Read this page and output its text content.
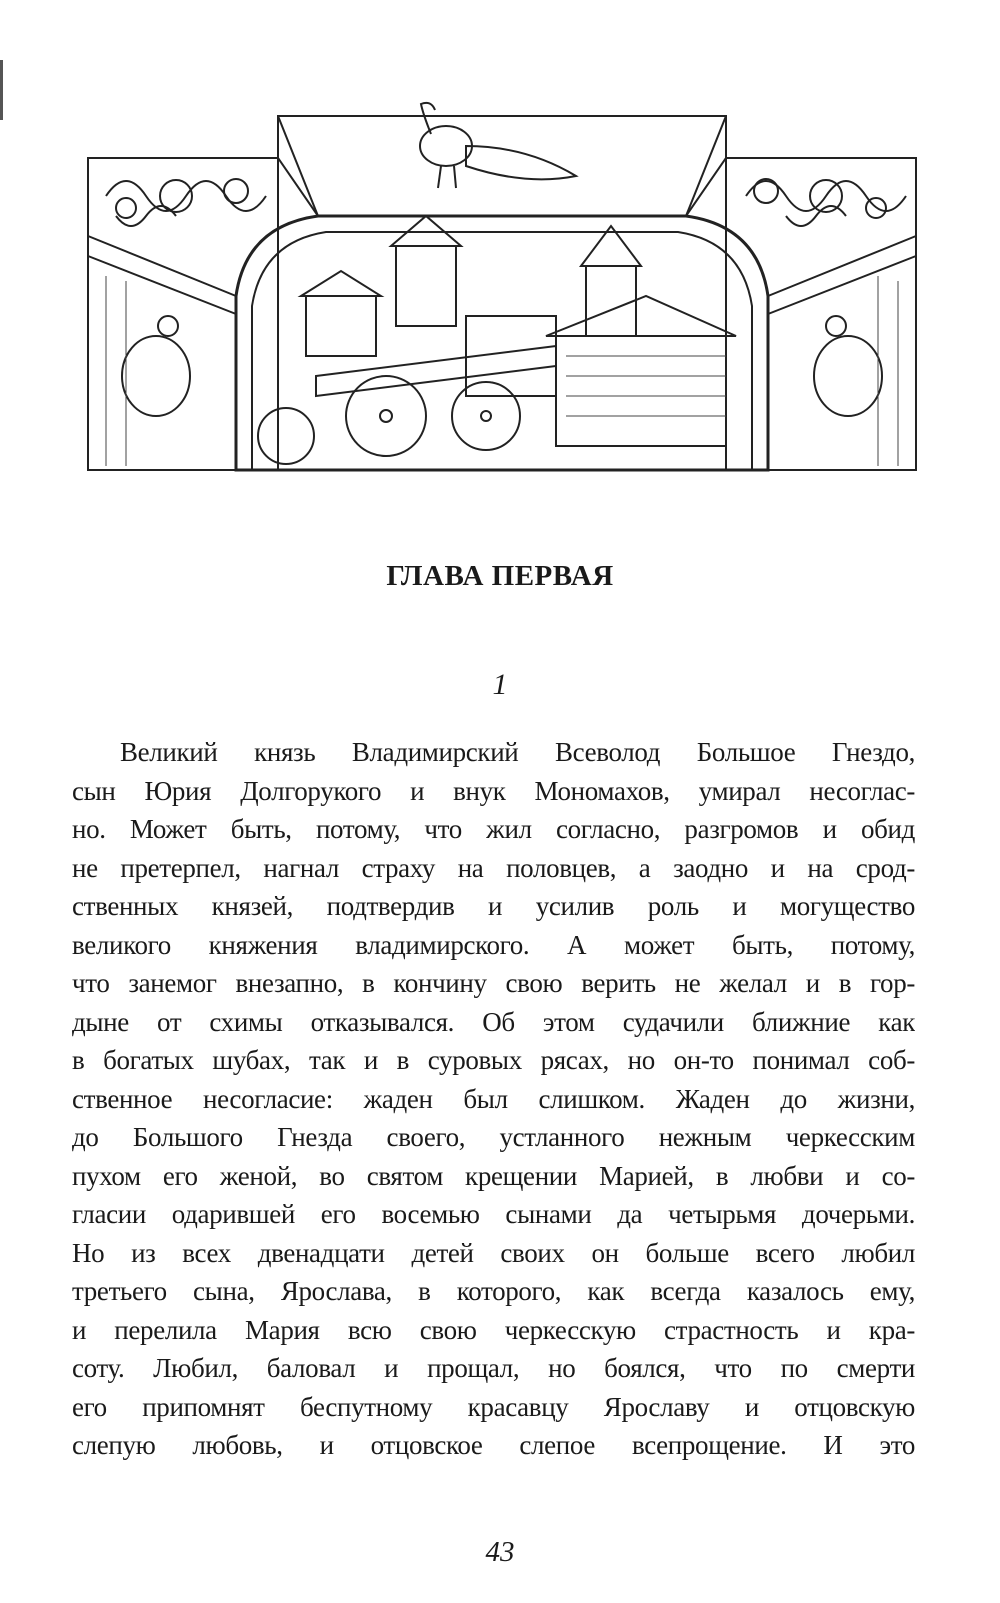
ГЛАВА ПЕРВАЯ
1
Великий князь Владимирский Всеволод Большое Гнездо,
сын Юрия Долгорукого и внук Мономахов, умирал несоглас-
но. Может быть, потому, что жил согласно, разгромов и обид
не претерпел, нагнал страху на половцев, а заодно и на срод-
ственных князей, подтвердив и усилив роль и могущество
великого княжения владимирского. А может быть, потому,
что занемог внезапно, в кончину свою верить не желал и в гор-
дыне от схимы отказывался. Об этом судачили ближние как
в богатых шубах, так и в суровых рясах, но он-то понимал соб-
ственное несогласие: жаден был слишком. Жаден до жизни,
до Большого Гнезда своего, устланного нежным черкесским
пухом его женой, во святом крещении Марией, в любви и со-
гласии одарившей его восемью сынами да четырьмя дочерьми.
Но из всех двенадцати детей своих он больше всего любил
третьего сына, Ярослава, в которого, как всегда казалось ему,
и перелила Мария всю свою черкесскую страстность и кра-
соту. Любил, баловал и прощал, но боялся, что по смерти
его припомнят беспутному красавцу Ярославу и отцовскую
слепую любовь, и отцовское слепое всепрощение. И это
43
